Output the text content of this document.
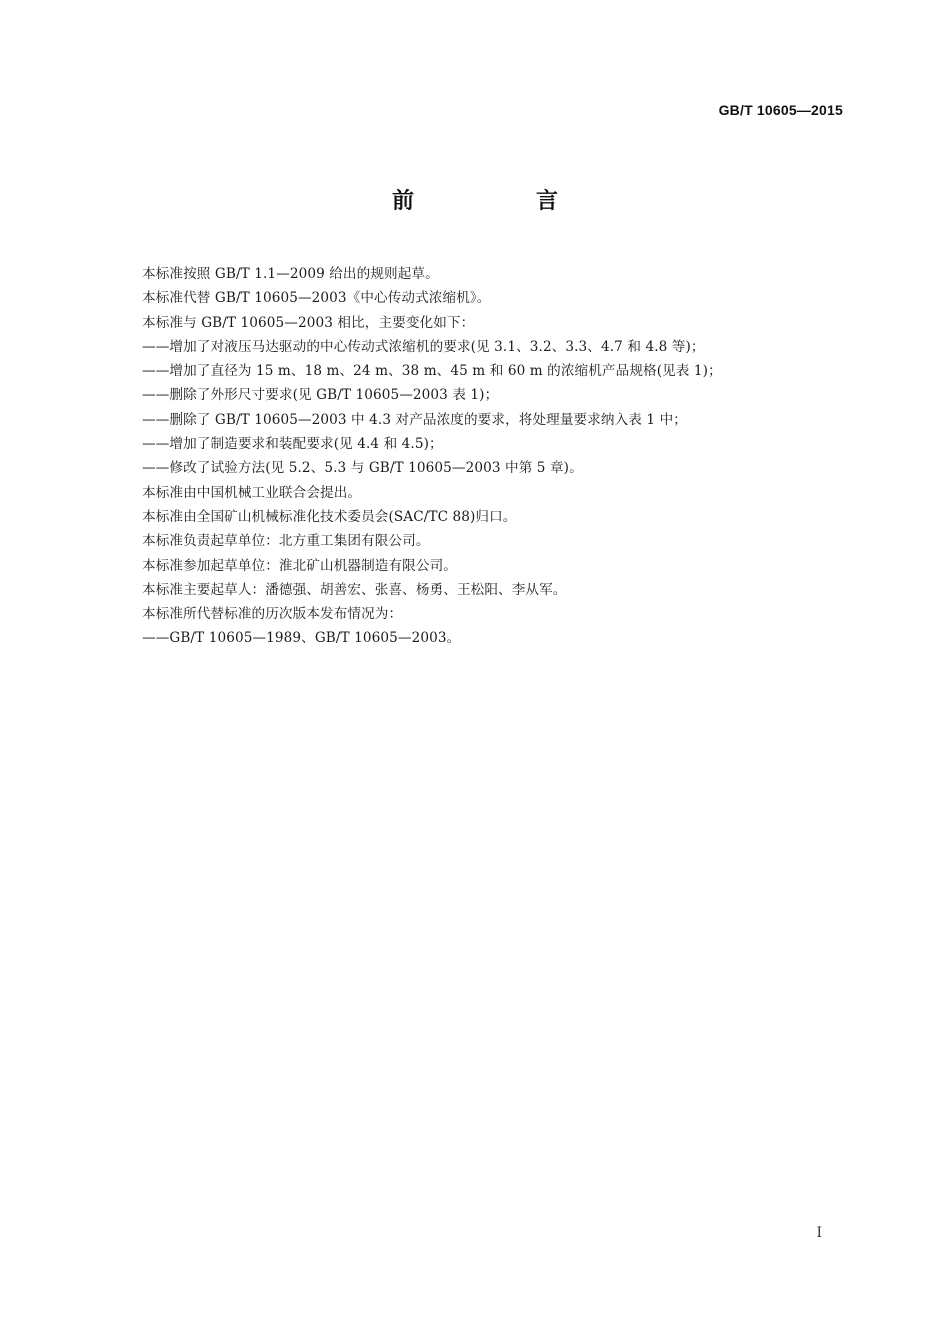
GB/T 10605—2015
前　言
本标准按照 GB/T 1.1—2009 给出的规则起草。
本标准代替 GB/T 10605—2003《中心传动式浓缩机》。
本标准与 GB/T 10605—2003 相比，主要变化如下：
——增加了对液压马达驱动的中心传动式浓缩机的要求(见 3.1、3.2、3.3、4.7 和 4.8 等)；
——增加了直径为 15 m、18 m、24 m、38 m、45 m 和 60 m 的浓缩机产品规格(见表 1)；
——删除了外形尺寸要求(见 GB/T 10605—2003 表 1)；
——删除了 GB/T 10605—2003 中 4.3 对产品浓度的要求，将处理量要求纳入表 1 中；
——增加了制造要求和装配要求(见 4.4 和 4.5)；
——修改了试验方法(见 5.2、5.3 与 GB/T 10605—2003 中第 5 章)。
本标准由中国机械工业联合会提出。
本标准由全国矿山机械标准化技术委员会(SAC/TC 88)归口。
本标准负责起草单位：北方重工集团有限公司。
本标准参加起草单位：淮北矿山机器制造有限公司。
本标准主要起草人：潘德强、胡善宏、张喜、杨勇、王松阳、李从军。
本标准所代替标准的历次版本发布情况为：
——GB/T 10605—1989、GB/T 10605—2003。
I
